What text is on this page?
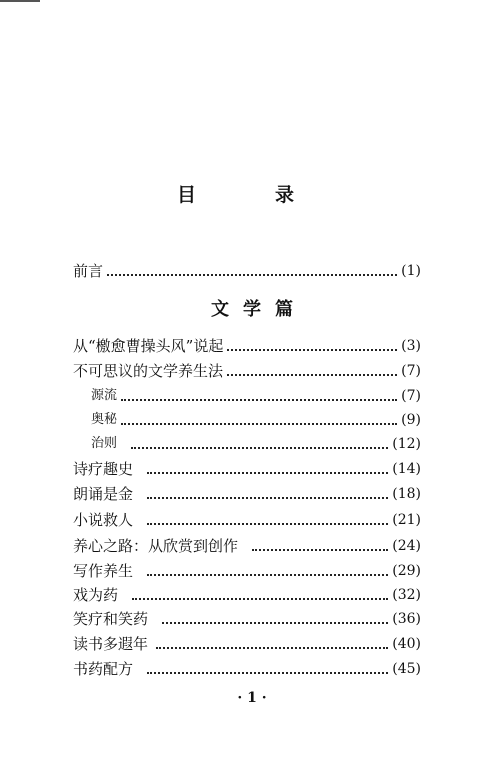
目	录
前言	(1)
文学篇
从“檄愈曹操头风”说起	(3)
不可思议的文学养生法	(7)
源流	(7)
奥秘	(9)
治则	(12)
诗疗趣史	(14)
朗诵是金	(18)
小说救人	(21)
养心之路：从欣赏到创作	(24)
写作养生	(29)
戏为药	(32)
笑疗和笑药	(36)
读书多遐年	(40)
书药配方	(45)
· 1 ·
